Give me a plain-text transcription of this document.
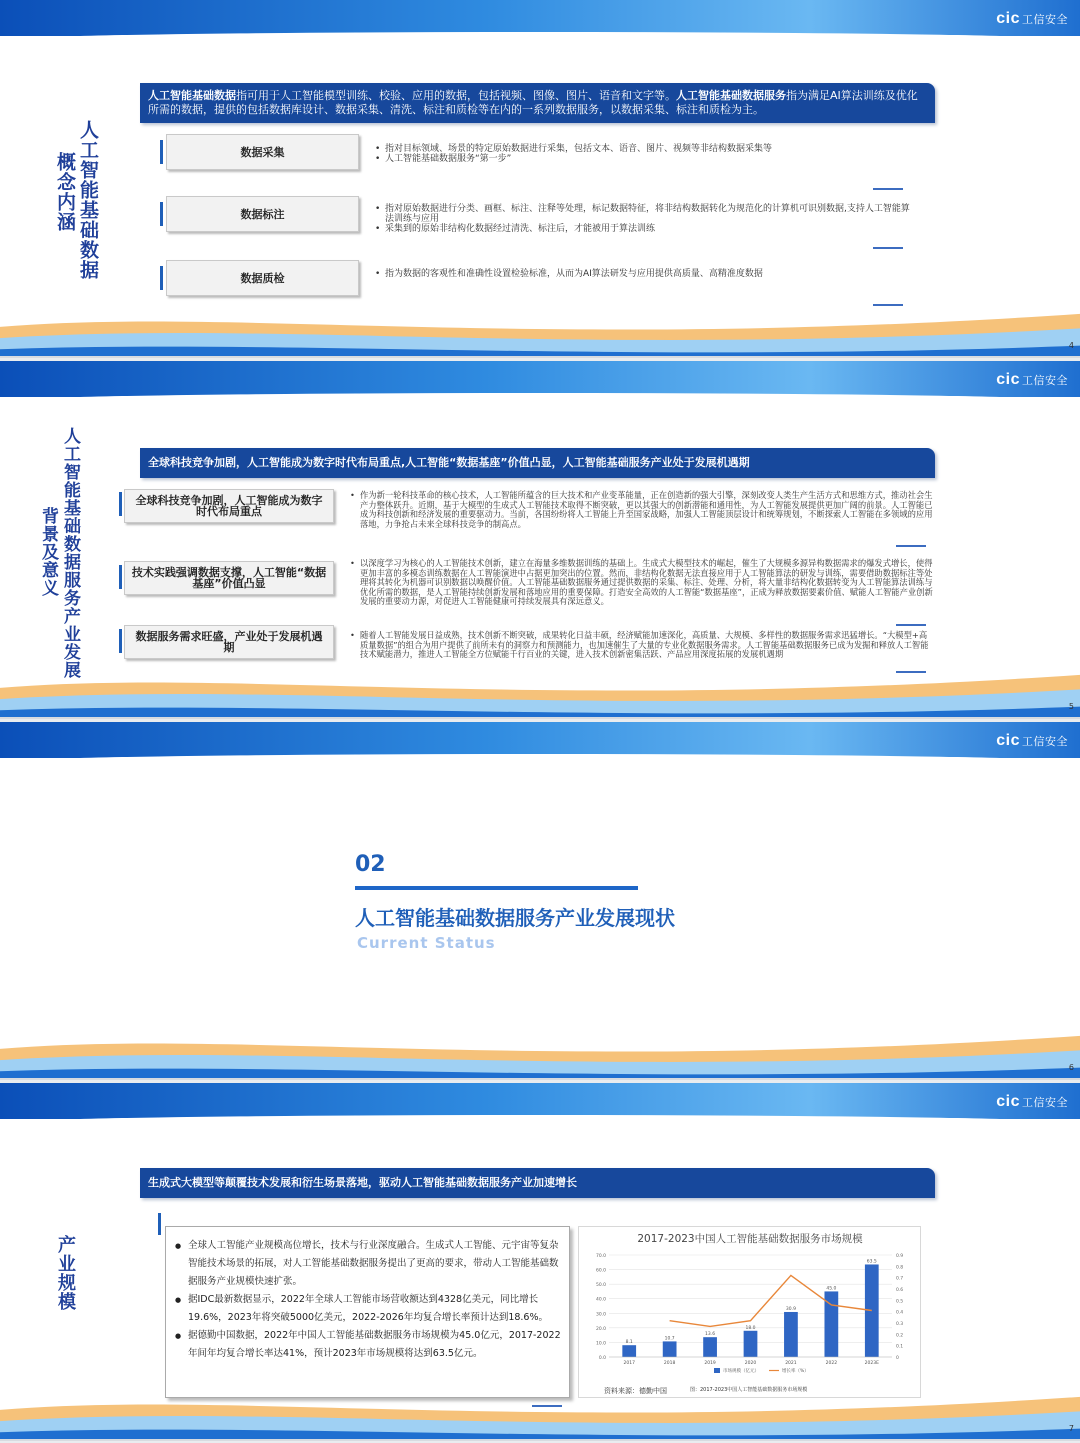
cic 工信安全
人工智能基础数据
概念内涵
人工智能基础数据指可用于人工智能模型训练、校验、应用的数据，包括视频、图像、图片、语音和文字等。人工智能基础数据服务指为满足AI算法训练及优化所需的数据，提供的包括数据库设计、数据采集、清洗、标注和质检等在内的一系列数据服务，以数据采集、标注和质检为主。
数据采集	• 指对目标领域、场景的特定原始数据进行采集，包括文本、语音、图片、视频等非结构数据采集等
• 人工智能基础数据服务“第一步”
数据标注	• 指对原始数据进行分类、画框、标注、注释等处理，标记数据特征，将非结构数据转化为规范化的计算机可识别数据,支持人工智能算法训练与应用
• 采集到的原始非结构化数据经过清洗、标注后，才能被用于算法训练
数据质检	• 指为数据的客观性和准确性设置检验标准，从而为AI算法研发与应用提供高质量、高精准度数据
4
cic 工信安全
人工智能基础数据服务产业发展
背景及意义
全球科技竞争加剧，人工智能成为数字时代布局重点,人工智能“数据基座”价值凸显，人工智能基础服务产业处于发展机遇期
全球科技竞争加剧，人工智能成为数字时代布局重点
• 作为新一轮科技革命的核心技术，人工智能所蕴含的巨大技术和产业变革能量，正在创造新的强大引擎，深刻改变人类生产生活方式和思维方式，推动社会生产力整体跃升。近期，基于大模型的生成式人工智能技术取得不断突破，更以其强大的创新潜能和通用性，为人工智能发展提供更加广阔的前景。人工智能已成为科技创新和经济发展的重要驱动力。当前，各国纷纷将人工智能上升至国家战略，加强人工智能顶层设计和统筹规划，不断探索人工智能在多领域的应用落地，力争抢占未来全球科技竞争的制高点。
技术实践强调数据支撑，人工智能“数据基座”价值凸显
• 以深度学习为核心的人工智能技术创新，建立在海量多维数据训练的基础上。生成式大模型技术的崛起，催生了大规模多源异构数据需求的爆发式增长，使得更加丰富的多模态训练数据在人工智能演进中占据更加突出的位置。然而，非结构化数据无法直接应用于人工智能算法的研发与训练，需要借助数据标注等处理将其转化为机器可识别数据以唤醒价值。人工智能基础数据服务通过提供数据的采集、标注、处理、分析，将大量非结构化数据转变为人工智能算法训练与优化所需的数据，是人工智能持续创新发展和落地应用的重要保障。打造安全高效的人工智能“数据基座”，正成为释放数据要素价值、赋能人工智能产业创新发展的重要动力源，对促进人工智能健康可持续发展具有深远意义。
数据服务需求旺盛，产业处于发展机遇期
• 随着人工智能发展日益成熟，技术创新不断突破，成果转化日益丰硕，经济赋能加速深化，高质量、大规模、多样性的数据服务需求迅猛增长。“大模型+高质量数据”的组合为用户提供了前所未有的洞察力和预测能力，也加速催生了大量的专业化数据服务需求。人工智能基础数据服务已成为发掘和释放人工智能技术赋能潜力，推进人工智能全方位赋能千行百业的关键，进入技术创新密集活跃、产品应用深度拓展的发展机遇期
5
cic 工信安全
02
人工智能基础数据服务产业发展现状
Current Status
6
cic 工信安全
产业规模
生成式大模型等颠覆技术发展和衍生场景落地，驱动人工智能基础数据服务产业加速增长
● 全球人工智能产业规模高位增长，技术与行业深度融合。生成式人工智能、元宇宙等复杂智能技术场景的拓展，对人工智能基础数据服务提出了更高的要求，带动人工智能基础数据服务产业规模快速扩张。
● 据IDC最新数据显示，2022年全球人工智能市场营收额达到4328亿美元，同比增长19.6%，2023年将突破5000亿美元，2022-2026年均复合增长率预计达到18.6%。
● 据德勤中国数据，2022年中国人工智能基础数据服务市场规模为45.0亿元，2017-2022年间年均复合增长率达41%，预计2023年市场规模将达到63.5亿元。
2017-2023中国人工智能基础数据服务市场规模
8.1
10.7
13.6
18.0
30.9
45.0
63.5
0.0
10.0
20.0
30.0
40.0
50.0
60.0
70.0
0
0.1
0.2
0.3
0.4
0.5
0.6
0.7
0.8
0.9
2017	2018	2019	2020	2021	2022	2023E
市场规模（亿元）	增长率（%）
资料来源：德勤中国	图：2017-2023中国人工智能基础数据服务市场规模
7
